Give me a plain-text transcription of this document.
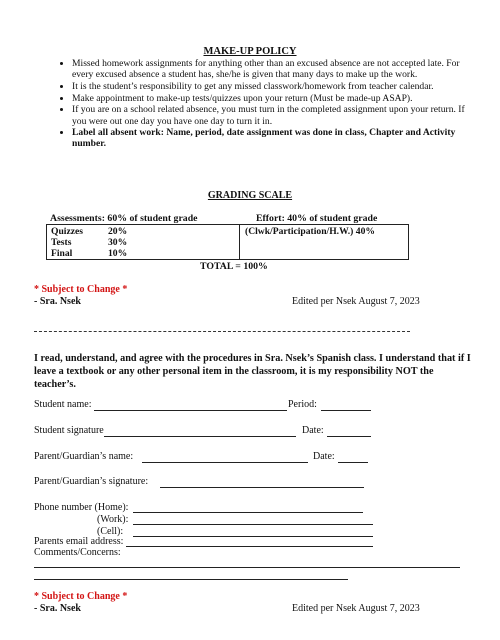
MAKE-UP POLICY
• Missed homework assignments for anything other than an excused absence are not accepted late. For every excused absence a student has, she/he is given that many days to make up the work.
• It is the student’s responsibility to get any missed classwork/homework from teacher calendar.
• Make appointment to make-up tests/quizzes upon your return (Must be made-up ASAP).
• If you are on a school related absence, you must turn in the completed assignment upon your return. If you were out one day you have one day to turn it in.
• Label all absent work: Name, period, date assignment was done in class, Chapter and Activity number.
GRADING SCALE
Assessments: 60% of student grade	Effort: 40% of student grade
Quizzes	20%
Tests	30%
Final	10%
(Clwk/Participation/H.W.) 40%
TOTAL = 100%
* Subject to Change *
- Sra. Nsek	Edited per Nsek August 7, 2023
I read, understand, and agree with the procedures in Sra. Nsek’s Spanish class. I understand that if I leave a textbook or any other personal item in the classroom, it is my responsibility NOT the teacher’s.
Student name:	Period:
Student signature	Date:
Parent/Guardian’s name:	Date:
Parent/Guardian’s signature:
Phone number (Home):
(Work):
(Cell):
Parents email address:
Comments/Concerns:
* Subject to Change *
- Sra. Nsek	Edited per Nsek August 7, 2023
